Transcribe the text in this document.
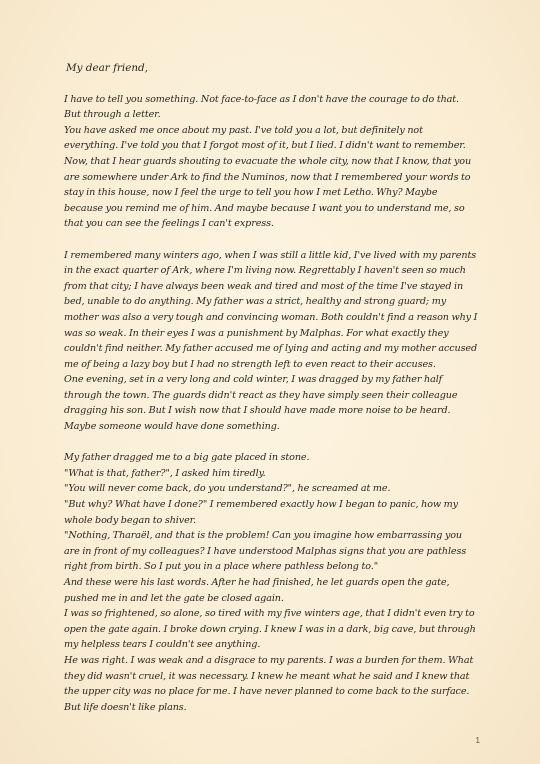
My dear friend,

I have to tell you something. Not face-to-face as I don't have the courage to do that. But through a letter.

You have asked me once about my past. I've told you a lot, but definitely not everything. I've told you that I forgot most of it, but I lied. I didn't want to remember.

Now, that I hear guards shouting to evacuate the whole city, now that I know, that you are somewhere under Ark to find the Numinos, now that I remembered your words to stay in this house, now I feel the urge to tell you how I met Letho. Why? Maybe because you remind me of him. And maybe because I want you to understand me, so that you can see the feelings I can't express.

I remembered many winters ago, when I was still a little kid, I've lived with my parents in the exact quarter of Ark, where I'm living now. Regrettably I haven't seen so much from that city; I have always been weak and tired and most of the time I've stayed in bed, unable to do anything. My father was a strict, healthy and strong guard; my mother was also a very tough and convincing woman. Both couldn't find a reason why I was so weak. In their eyes I was a punishment by Malphas. For what exactly they couldn't find neither. My father accused me of lying and acting and my mother accused me of being a lazy boy but I had no strength left to even react to their accuses.

One evening, set in a very long and cold winter, I was dragged by my father half through the town. The guards didn't react as they have simply seen their colleague dragging his son. But I wish now that I should have made more noise to be heard. Maybe someone would have done something.

My father dragged me to a big gate placed in stone.

"What is that, father?", I asked him tiredly.

"You will never come back, do you understand?", he screamed at me.

"But why? What have I done?" I remembered exactly how I began to panic, how my whole body began to shiver.

"Nothing, Tharaël, and that is the problem! Can you imagine how embarrassing you are in front of my colleagues? I have understood Malphas signs that you are pathless right from birth. So I put you in a place where pathless belong to."

And these were his last words. After he had finished, he let guards open the gate, pushed me in and let the gate be closed again.

I was so frightened, so alone, so tired with my five winters age, that I didn't even try to open the gate again. I broke down crying. I knew I was in a dark, big cave, but through my helpless tears I couldn't see anything.

He was right. I was weak and a disgrace to my parents. I was a burden for them. What they did wasn't cruel, it was necessary. I knew he meant what he said and I knew that the upper city was no place for me. I have never planned to come back to the surface. But life doesn't like plans.

1
